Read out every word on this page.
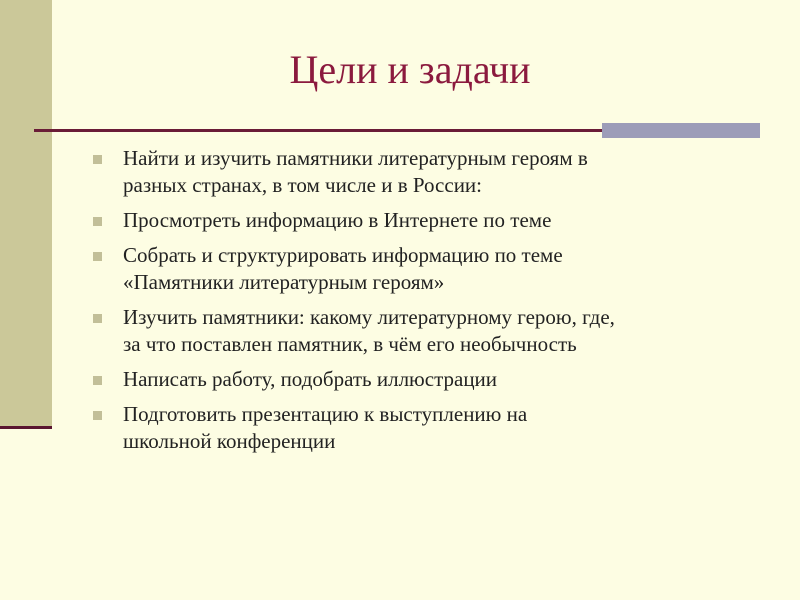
Цели и задачи
Найти и изучить памятники литературным героям в
разных странах, в том числе и в России:
Просмотреть информацию в Интернете по теме
Собрать и структурировать информацию по теме
«Памятники литературным героям»
Изучить памятники: какому литературному герою, где,
за что поставлен памятник, в чём его необычность
Написать работу, подобрать иллюстрации
Подготовить презентацию к выступлению на
школьной конференции
